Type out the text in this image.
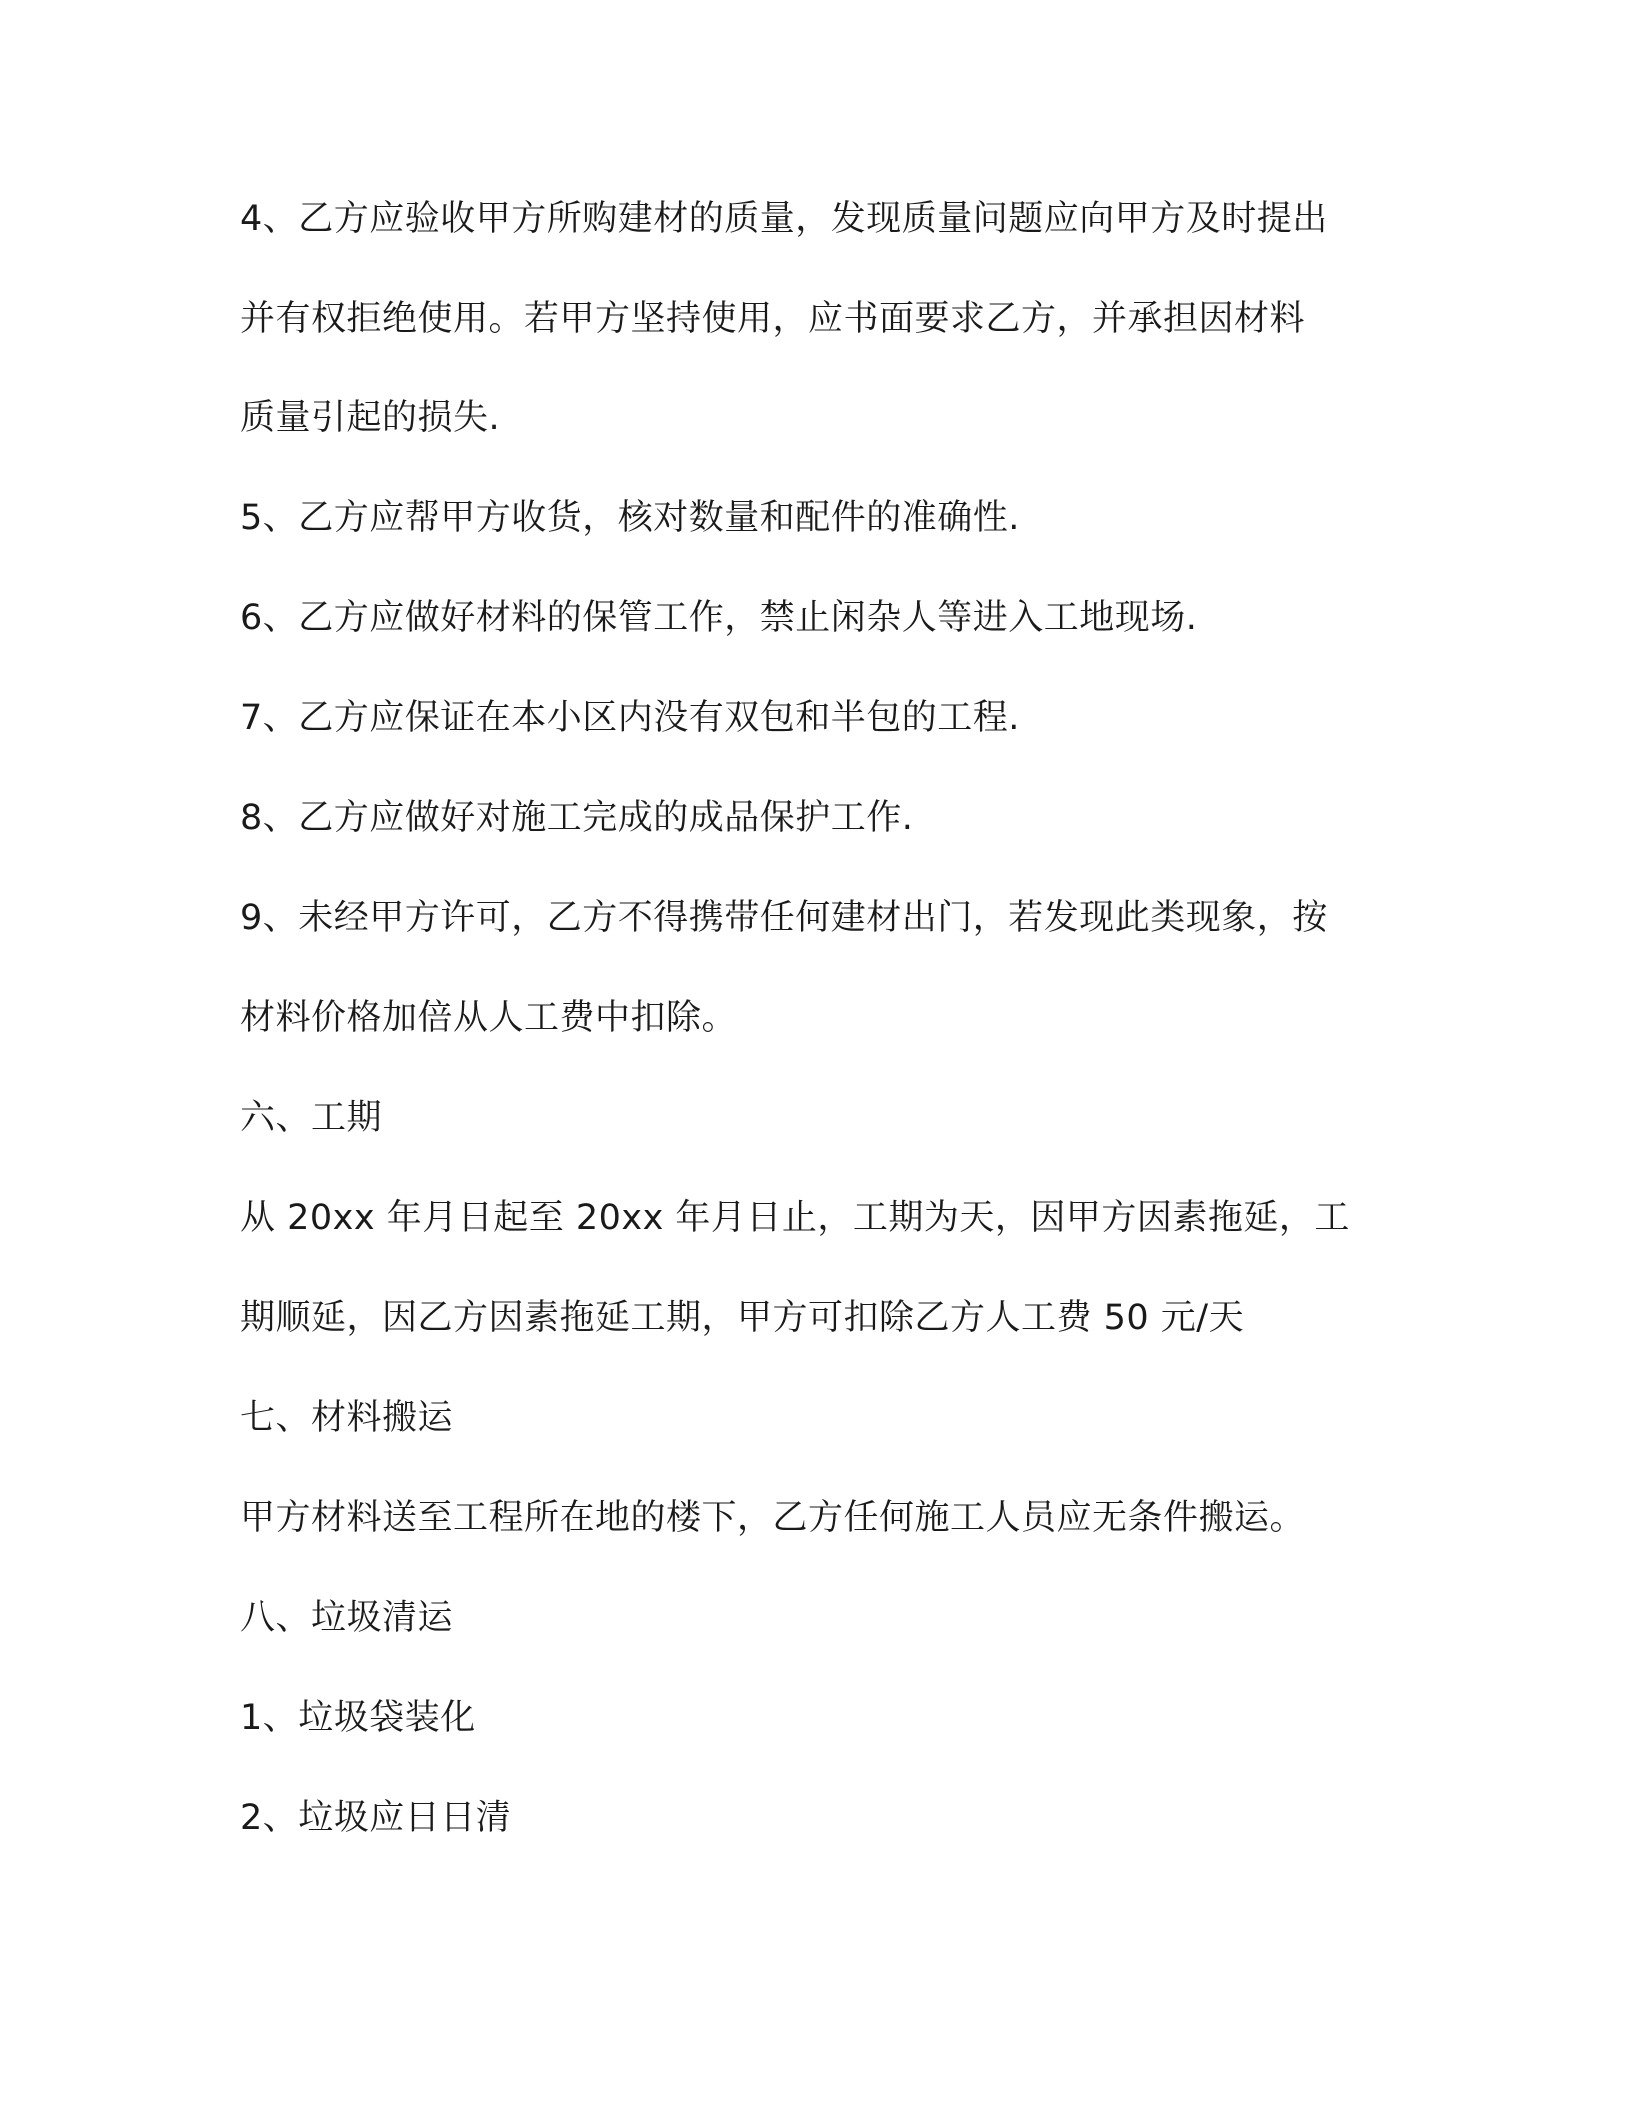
4、乙方应验收甲方所购建材的质量，发现质量问题应向甲方及时提出
并有权拒绝使用。若甲方坚持使用，应书面要求乙方，并承担因材料
质量引起的损失.
5、乙方应帮甲方收货，核对数量和配件的准确性.
6、乙方应做好材料的保管工作，禁止闲杂人等进入工地现场.
7、乙方应保证在本小区内没有双包和半包的工程.
8、乙方应做好对施工完成的成品保护工作.
9、未经甲方许可，乙方不得携带任何建材出门，若发现此类现象，按
材料价格加倍从人工费中扣除。
六、工期
从 20xx 年月日起至 20xx 年月日止，工期为天，因甲方因素拖延，工
期顺延，因乙方因素拖延工期，甲方可扣除乙方人工费 50 元/天
七、材料搬运
甲方材料送至工程所在地的楼下，乙方任何施工人员应无条件搬运。
八、垃圾清运
1、垃圾袋装化
2、垃圾应日日清
